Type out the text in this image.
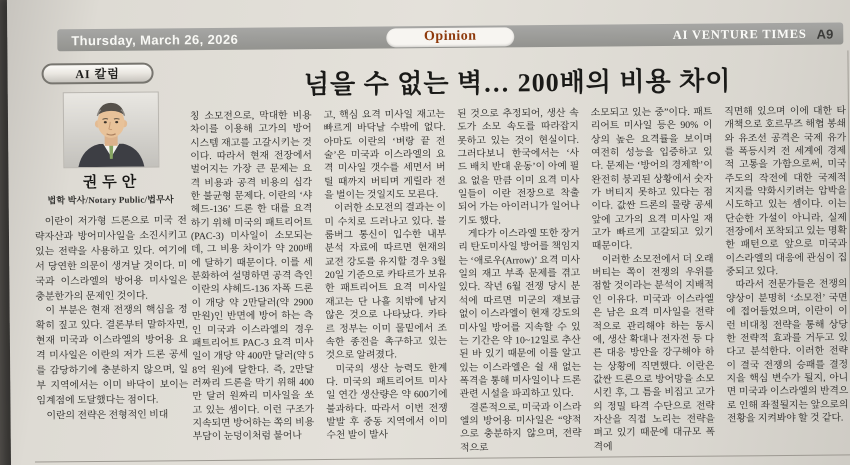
Thursday, March 26, 2026	Opinion	AI VENTURE TIMES A9
AI 칼럼
권두안
법학 박사/Notary Public/법무사
넘을 수 없는 벽… 200배의 비용 차이

이란이 저가형 드론으로 미국 전략자산과 방어미사일을 소진시키고 있는 전략을 사용하고 있다. 여기에서 당연한 의문이 생겨날 것이다. 미국과 이스라엘의 방어용 미사일은 충분한가의 문제인 것이다.

이 부분은 현재 전쟁의 핵심을 정확히 짚고 있다. 결론부터 말하자면, 현재 미국과 이스라엘의 방어용 요격 미사일은 이란의 저가 드론 공세를 감당하기에 충분하지 않으며, 일부 지역에서는 이미 바닥이 보이는 임계점에 도달했다는 점이다.

이란의 전략은 전형적인 비대

칭 소모전으로, 막대한 비용 차이를 이용해 고가의 방어 시스템 재고를 고갈시키는 것이다. 따라서 현재 전장에서 벌어지는 가장 큰 문제는 요격 비용과 공격 비용의 심각한 불균형 문제다. 이란의 ‘샤헤드-136’ 드론 한 대를 요격하기 위해 미국의 패트리어트(PAC-3) 미사일이 소모되는데, 그 비용 차이가 약 200배에 달하기 때문이다. 이를 세분화하여 설명하면 공격 측인 이란의 샤헤드-136 자폭 드론이 개당 약 2만달러(약 2900만원)인 반면에 방어 하는 측인 미국과 이스라엘의 경우 패트리어트 PAC-3 요격 미사일이 개당 약 400만 달러(약 58억 원)에 달한다. 즉, 2만달러짜리 드론을 막기 위해 400만 달러 원짜리 미사일을 쏘고 있는 셈이다. 이런 구조가 지속되면 방어하는 쪽의 비용 부담이 눈덩이처럼 불어나

고, 핵심 요격 미사일 재고는 빠르게 바닥날 수밖에 없다. 아마도 이란의 ‘벼랑 끝 전술’은 미국과 이스라엘의 요격 미사일 갯수를 세면서 버틸 때까지 버티며 게릴라 전을 벌이는 것일지도 모른다.

이러한 소모전의 결과는 이미 수치로 드러나고 있다. 블룸버그 통신이 입수한 내부 분석 자료에 따르면 현재의 교전 강도를 유지할 경우 3월 20일 기준으로 카타르가 보유한 패트리어트 요격 미사일 재고는 단 나흘 치밖에 남지 않은 것으로 나타났다. 카타르 정부는 이미 물밑에서 조속한 종전을 촉구하고 있는 것으로 알려졌다.

미국의 생산 능력도 한계다. 미국의 패트리어트 미사일 연간 생산량은 약 600기에 불과하다. 따라서 이번 전쟁 발발 후 중동 지역에서 이미 수천 발이 발사

된 것으로 추정되어, 생산 속도가 소모 속도를 따라잡지 못하고 있는 것이 현실이다. 그러다보니 한국에서는 ‘사드 배치 반대 운동’이 아예 필요 없을 만큼 이미 요격 미사일들이 이란 전장으로 착출 되어 가는 아이러니가 일어나기도 했다.

게다가 이스라엘 또한 장거리 탄도미사일 방어를 책임지는 ‘애로우(Arrow)’ 요격 미사일의 재고 부족 문제를 겪고 있다. 작년 6월 전쟁 당시 분석에 따르면 미군의 재보급 없이 이스라엘이 현재 강도의 미사일 방어를 지속할 수 있는 기간은 약 10~12일로 추산된 바 있기 때문에 이를 알고 있는 이스라엘은 쉴 새 없는 폭격을 통해 미사일이나 드론 관련 시설을 파괴하고 있다.

결론적으로, 미국과 이스라엘의 방어용 미사일은 “양적으로 충분하지 않으며, 전략적으로

소모되고 있는 중”이다. 패트리어트 미사일 등은 90% 이상의 높은 요격률을 보이며 여전히 성능을 입증하고 있다. 문제는 ‘방어의 경제학’이 완전히 붕괴된 상황에서 숫자가 버티지 못하고 있다는 점이다. 값싼 드론의 물량 공세 앞에 고가의 요격 미사일 재고가 빠르게 고갈되고 있기 때문이다.

이러한 소모전에서 더 오래 버티는 쪽이 전쟁의 우위를 점할 것이라는 분석이 지배적인 이유다. 미국과 이스라엘은 남은 요격 미사일을 전략적으로 관리해야 하는 동시에, 생산 확대나 전자전 등 다른 대응 방안을 강구해야 하는 상황에 직면했다. 이란은 값싼 드론으로 방어망을 소모시킨 후, 그 틈을 비집고 고가의 정밀 타격 수단으로 전략 자산을 직접 노리는 전략을 펴고 있기 때문에 대규모 폭격에

직면해 있으며 이에 대한 타개책으로 호르무즈 해협 봉쇄와 유조선 공격은 국제 유가를 폭등시켜 전 세계에 경제적 고통을 가함으로써, 미국 주도의 작전에 대한 국제적 지지를 약화시키려는 압박을 시도하고 있는 셈이다. 이는 단순한 가설이 아니라, 실제 전장에서 포착되고 있는 명확한 패턴으로 앞으로 미국과 이스라엘의 대응에 관심이 집중되고 있다.

따라서 전문가들은 전쟁의 양상이 분명히 ‘소모전’ 국면에 접어들었으며, 이란이 이런 비대칭 전략을 통해 상당한 전략적 효과를 거두고 있다고 분석한다. 이러한 전략이 결국 전쟁의 승패를 결정지을 핵심 변수가 될지, 아니면 미국과 이스라엘의 반격으로 인해 좌절될지는 앞으로의 전황을 지켜봐야 할 것 같다.
